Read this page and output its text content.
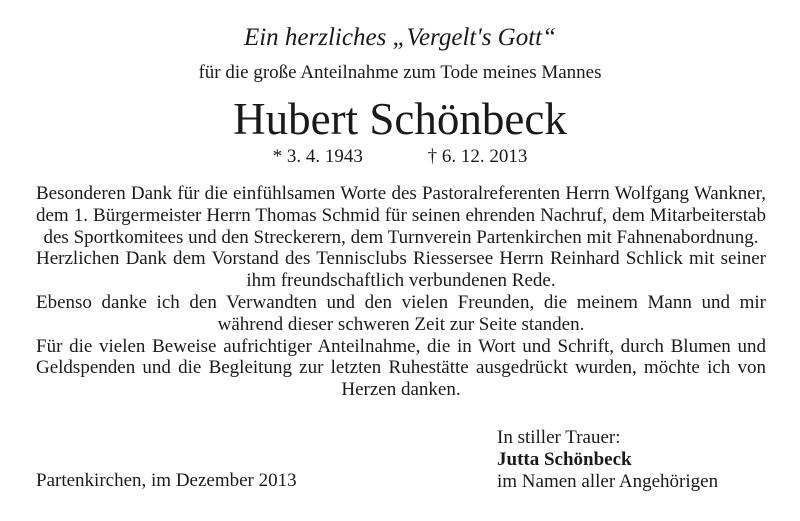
Ein herzliches „Vergelt's Gott“
für die große Anteilnahme zum Tode meines Mannes
Hubert Schönbeck
* 3. 4. 1943	† 6. 12. 2013

Besonderen Dank für die einfühlsamen Worte des Pastoralreferenten Herrn Wolfgang Wankner, dem 1. Bürgermeister Herrn Thomas Schmid für seinen ehrenden Nachruf, dem Mitarbeiterstab des Sportkomitees und den Streckerern, dem Turnverein Partenkirchen mit Fahnenabordnung.

Herzlichen Dank dem Vorstand des Tennisclubs Riessersee Herrn Reinhard Schlick mit seiner ihm freundschaftlich verbundenen Rede.

Ebenso danke ich den Verwandten und den vielen Freunden, die meinem Mann und mir während dieser schweren Zeit zur Seite standen.

Für die vielen Beweise aufrichtiger Anteilnahme, die in Wort und Schrift, durch Blumen und Geldspenden und die Begleitung zur letzten Ruhestätte ausgedrückt wurden, möchte ich von Herzen danken.

In stiller Trauer:
Jutta Schönbeck
im Namen aller Angehörigen
Partenkirchen, im Dezember 2013
